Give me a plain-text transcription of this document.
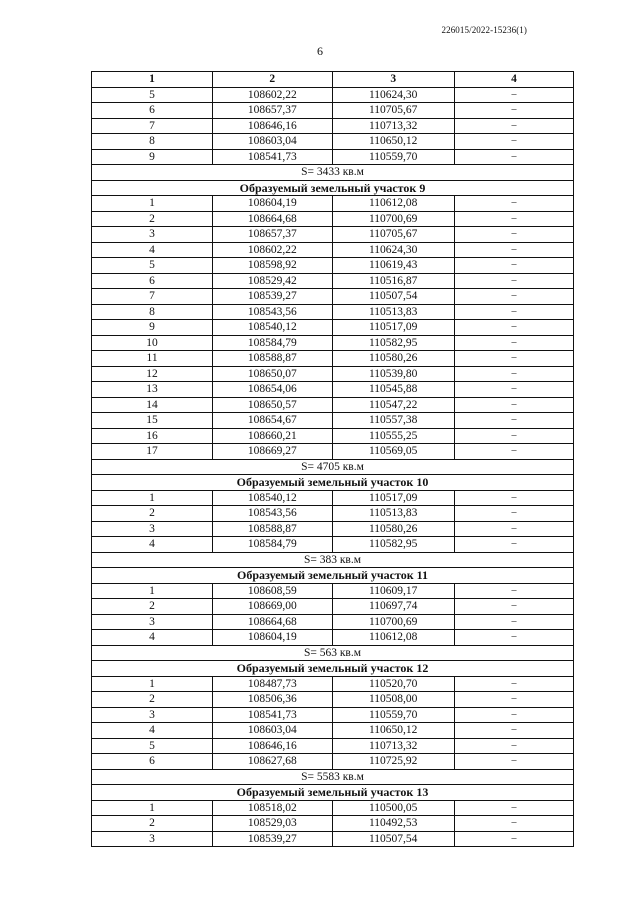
226015/2022-15236(1)
6
1	2	3	4
5	108602,22	110624,30	–
6	108657,37	110705,67	–
7	108646,16	110713,32	–
8	108603,04	110650,12	–
9	108541,73	110559,70	–
S= 3433 кв.м			
Образуемый земельный участок 9			
1	108604,19	110612,08	–
2	108664,68	110700,69	–
3	108657,37	110705,67	–
4	108602,22	110624,30	–
5	108598,92	110619,43	–
6	108529,42	110516,87	–
7	108539,27	110507,54	–
8	108543,56	110513,83	–
9	108540,12	110517,09	–
10	108584,79	110582,95	–
11	108588,87	110580,26	–
12	108650,07	110539,80	–
13	108654,06	110545,88	–
14	108650,57	110547,22	–
15	108654,67	110557,38	–
16	108660,21	110555,25	–
17	108669,27	110569,05	–
S= 4705 кв.м			
Образуемый земельный участок 10			
1	108540,12	110517,09	–
2	108543,56	110513,83	–
3	108588,87	110580,26	–
4	108584,79	110582,95	–
S= 383 кв.м			
Образуемый земельный участок 11			
1	108608,59	110609,17	–
2	108669,00	110697,74	–
3	108664,68	110700,69	–
4	108604,19	110612,08	–
S= 563 кв.м			
Образуемый земельный участок 12			
1	108487,73	110520,70	–
2	108506,36	110508,00	–
3	108541,73	110559,70	–
4	108603,04	110650,12	–
5	108646,16	110713,32	–
6	108627,68	110725,92	–
S= 5583 кв.м			
Образуемый земельный участок 13			
1	108518,02	110500,05	–
2	108529,03	110492,53	–
3	108539,27	110507,54	–
